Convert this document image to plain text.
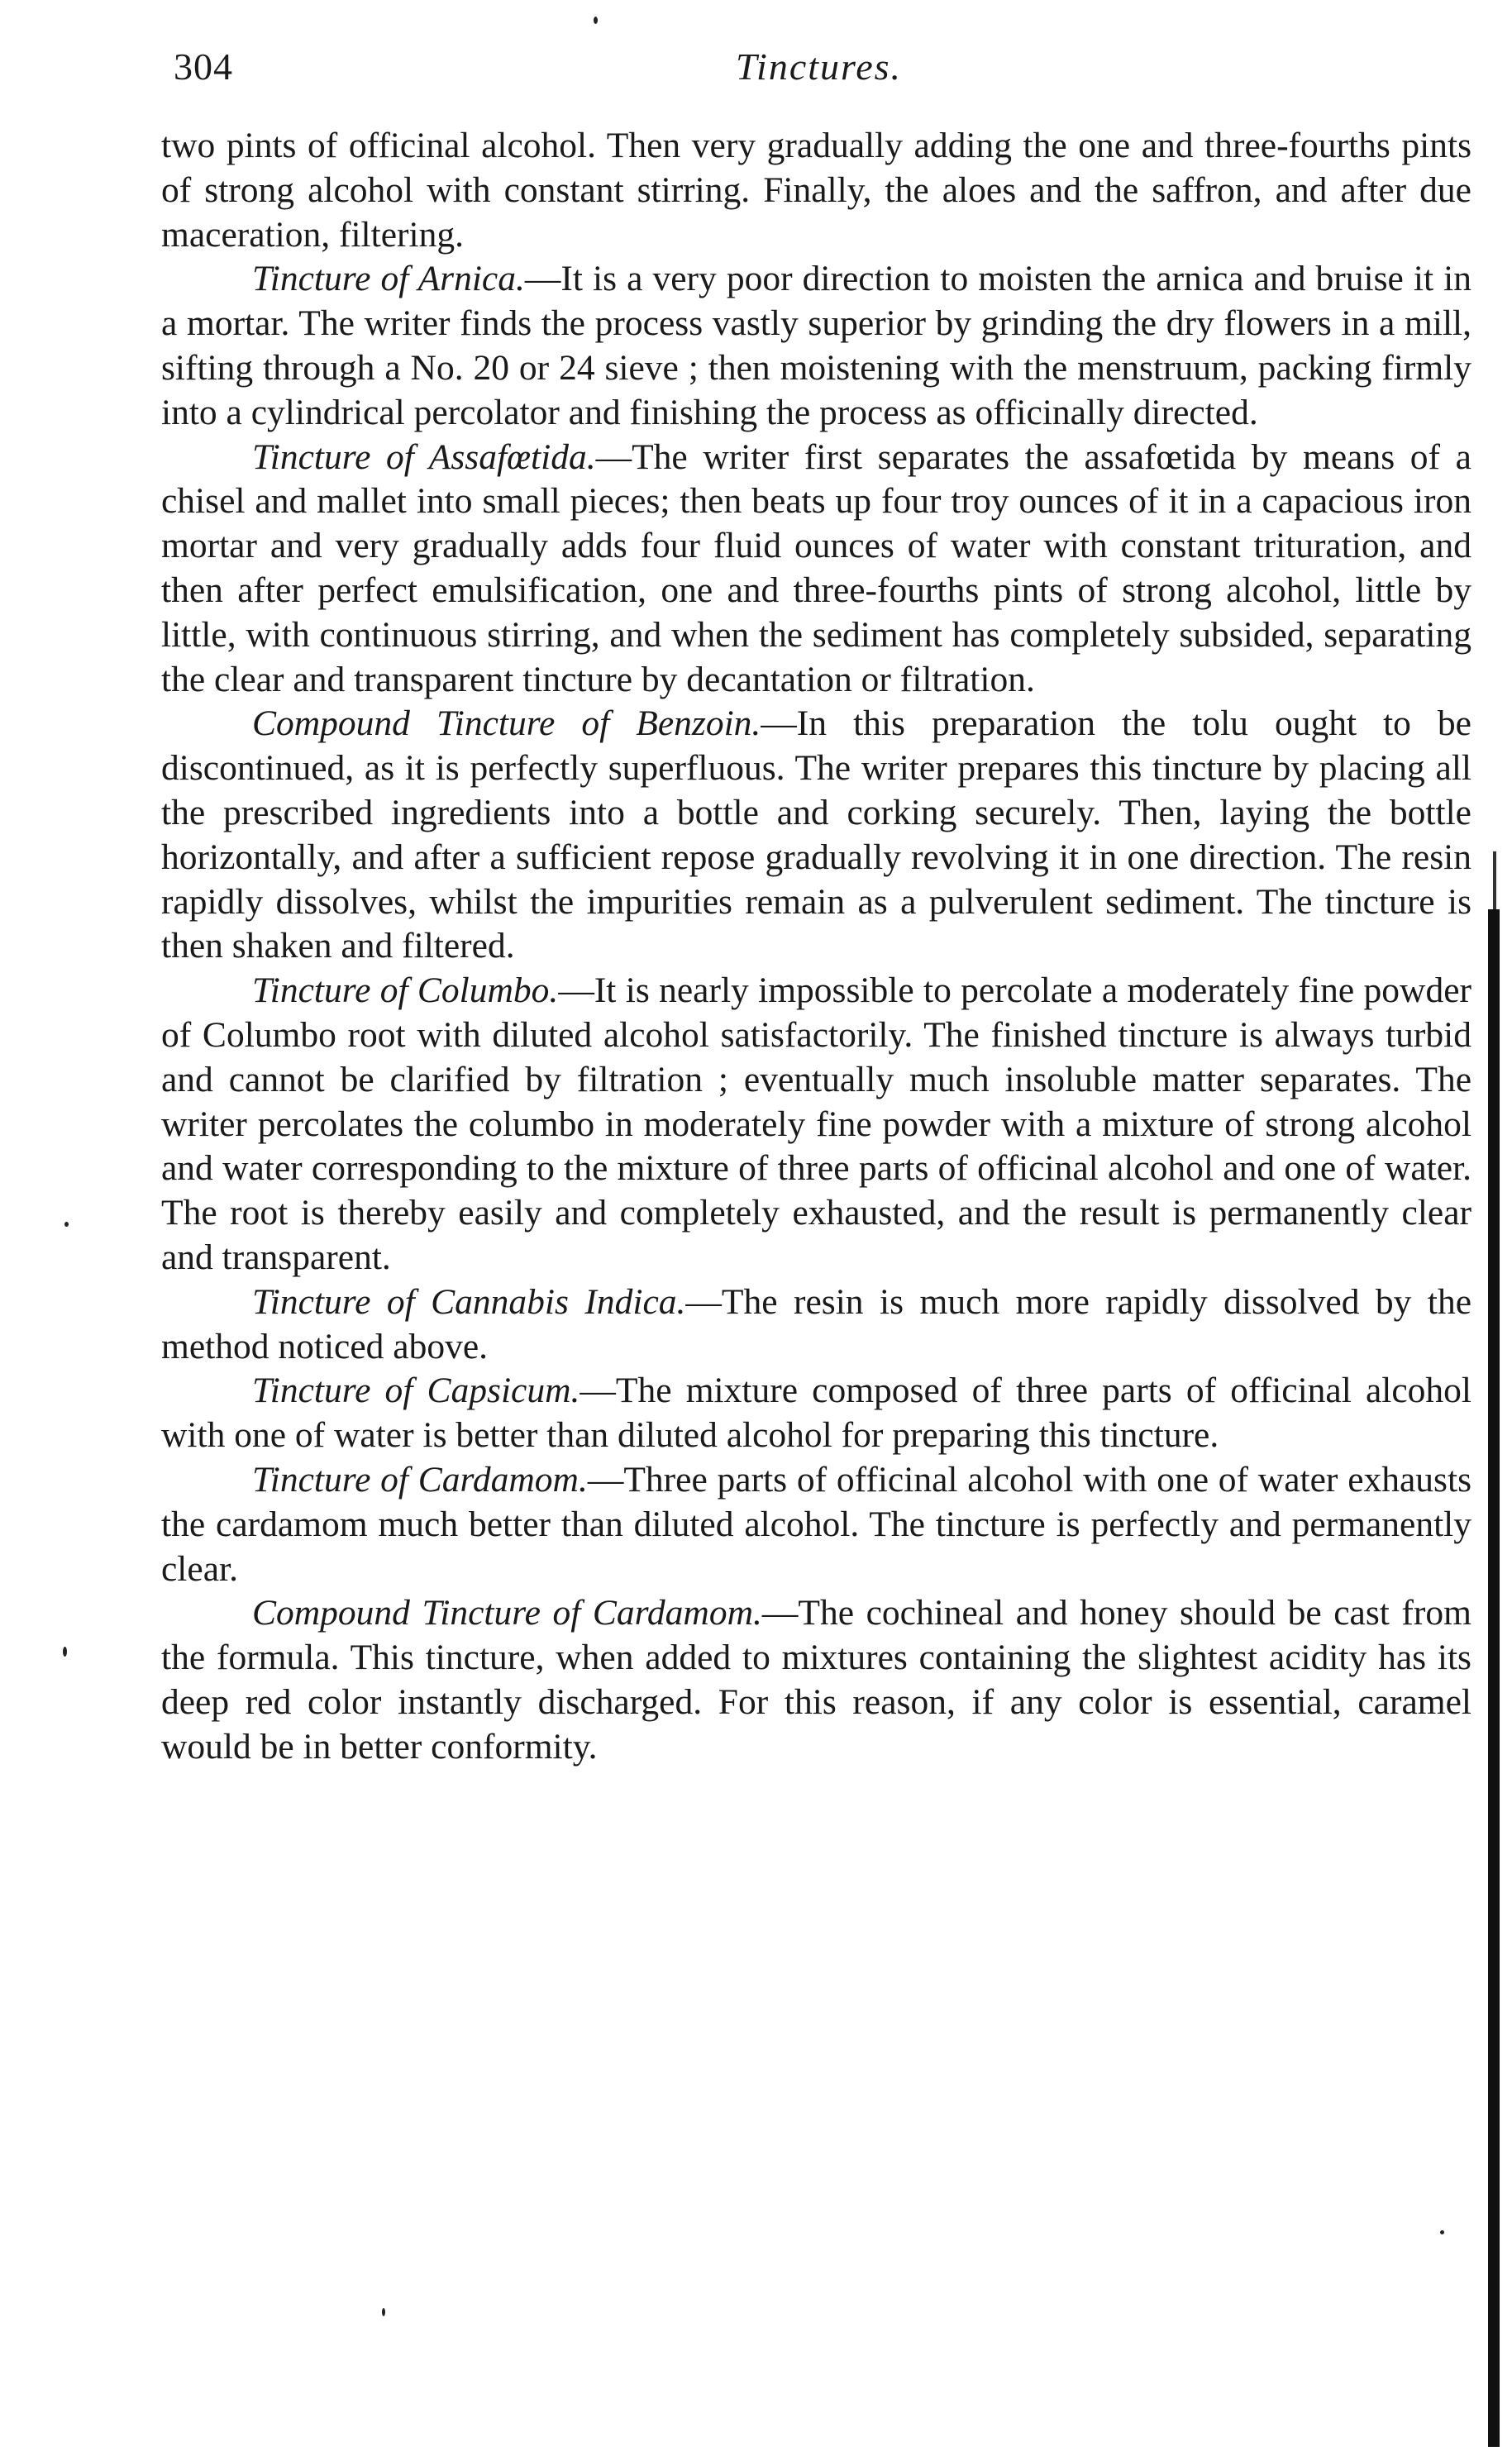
304	Tinctures.

two pints of officinal alcohol. Then very gradually adding the one and three-fourths pints of strong alcohol with constant stirring. Finally, the aloes and the saffron, and after due maceration, filtering.

Tincture of Arnica.—It is a very poor direction to moisten the arnica and bruise it in a mortar. The writer finds the process vastly superior by grinding the dry flowers in a mill, sifting through a No. 20 or 24 sieve ; then moistening with the menstruum, packing firmly into a cylindrical percolator and finishing the process as officinally directed.

Tincture of Assafœtida.—The writer first separates the assafœtida by means of a chisel and mallet into small pieces; then beats up four troy ounces of it in a capacious iron mortar and very gradually adds four fluid ounces of water with constant trituration, and then after perfect emulsification, one and three-fourths pints of strong alcohol, little by little, with continuous stirring, and when the sediment has completely subsided, separating the clear and transparent tincture by decantation or filtration.

Compound Tincture of Benzoin.—In this preparation the tolu ought to be discontinued, as it is perfectly superfluous. The writer prepares this tincture by placing all the prescribed ingredients into a bottle and corking securely. Then, laying the bottle horizontally, and after a sufficient repose gradually revolving it in one direction. The resin rapidly dissolves, whilst the impurities remain as a pulverulent sediment. The tincture is then shaken and filtered.

Tincture of Columbo.—It is nearly impossible to percolate a moderately fine powder of Columbo root with diluted alcohol satisfactorily. The finished tincture is always turbid and cannot be clarified by filtration ; eventually much insoluble matter separates. The writer percolates the columbo in moderately fine powder with a mixture of strong alcohol and water corresponding to the mixture of three parts of officinal alcohol and one of water. The root is thereby easily and completely exhausted, and the result is permanently clear and transparent.

Tincture of Cannabis Indica.—The resin is much more rapidly dissolved by the method noticed above.

Tincture of Capsicum.—The mixture composed of three parts of officinal alcohol with one of water is better than diluted alcohol for preparing this tincture.

Tincture of Cardamom.—Three parts of officinal alcohol with one of water exhausts the cardamom much better than diluted alcohol. The tincture is perfectly and permanently clear.

Compound Tincture of Cardamom.—The cochineal and honey should be cast from the formula. This tincture, when added to mixtures containing the slightest acidity has its deep red color instantly discharged. For this reason, if any color is essential, caramel would be in better conformity.
